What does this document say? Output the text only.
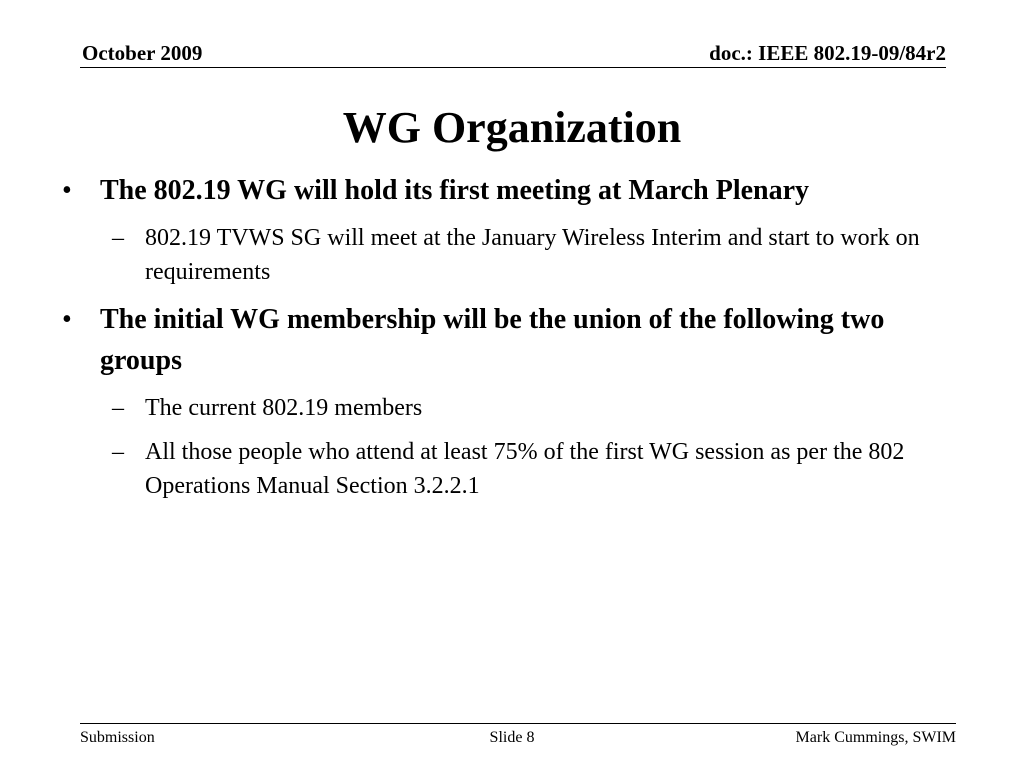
October 2009	doc.: IEEE 802.19-09/84r2
WG Organization
• The 802.19 WG will hold its first meeting at March Plenary
– 802.19 TVWS SG will meet at the January Wireless Interim and start to work on requirements
• The initial WG membership will be the union of the following two groups
– The current 802.19 members
– All those people who attend at least 75% of the first WG session as per the 802 Operations Manual Section 3.2.2.1
Submission	Slide 8	Mark Cummings, SWIM
